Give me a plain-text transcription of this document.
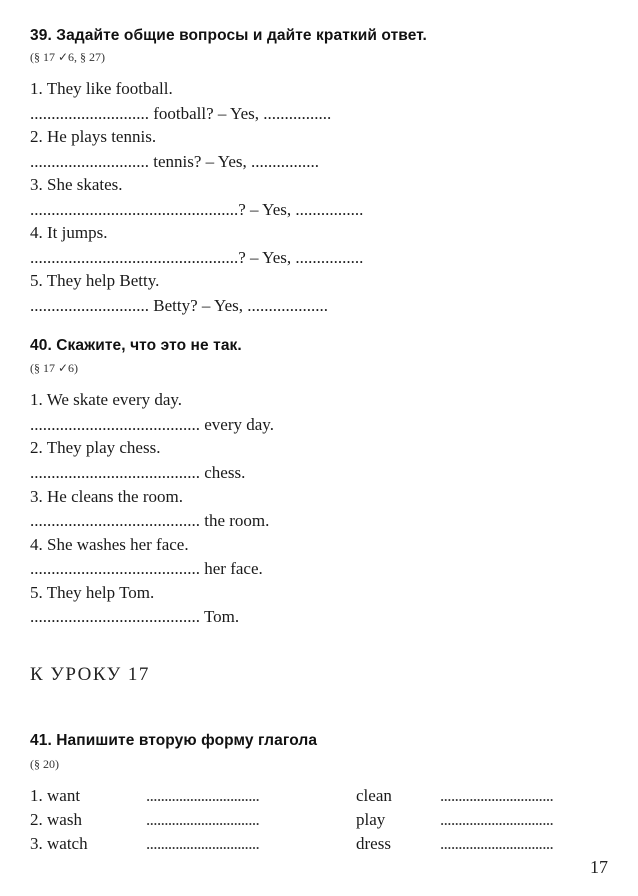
39. Задайте общие вопросы и дайте краткий ответ.
(§ 17 ✓6, § 27)
1. They like football.
............................ football? – Yes, ................
2. He plays tennis.
............................ tennis? – Yes, ................
3. She skates.
.................................................? – Yes, ................
4. It jumps.
.................................................? – Yes, ................
5. They help Betty.
............................ Betty? – Yes, ...................
40. Скажите, что это не так.
(§ 17 ✓6)
1. We skate every day.
........................................ every day.
2. They play chess.
........................................ chess.
3. He cleans the room.
........................................ the room.
4. She washes her face.
........................................ her face.
5. They help Tom.
........................................ Tom.
К УРОКУ 17
41. Напишите вторую форму глагола
(§ 20)
1. want	...............................	clean	...............................
2. wash	...............................	play	...............................
3. watch	...............................	dress	...............................
17
